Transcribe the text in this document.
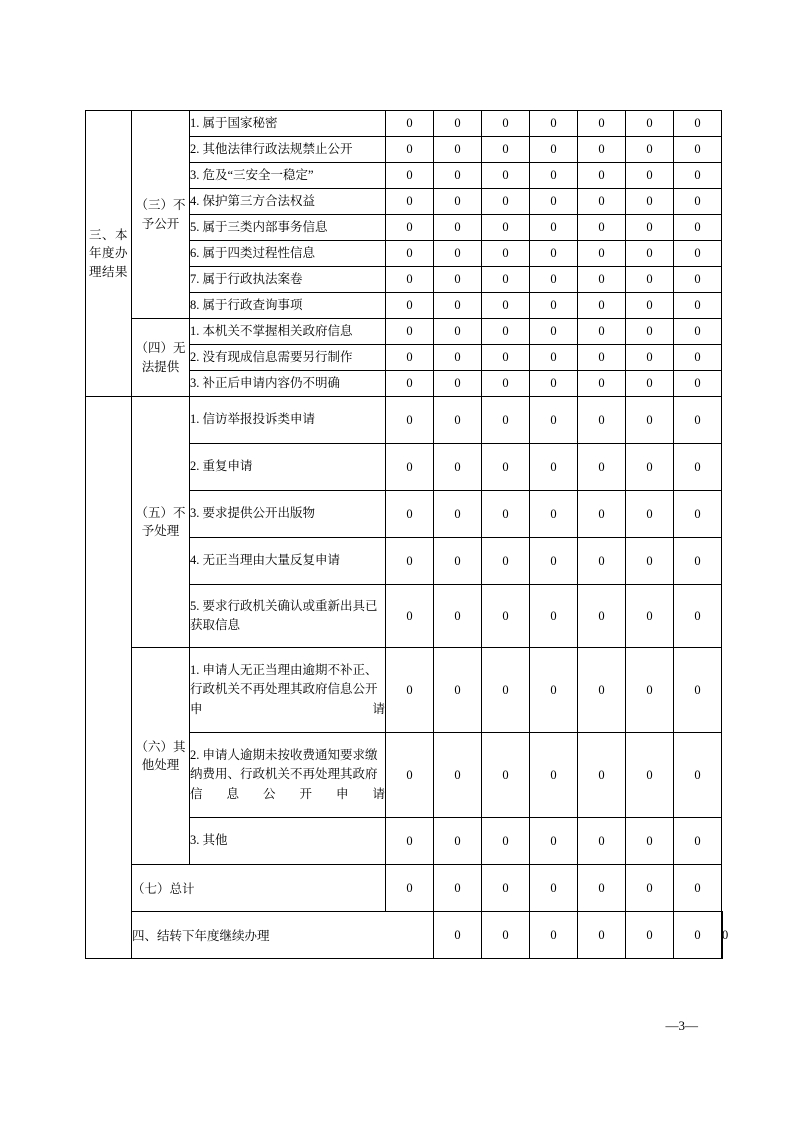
三、本年度办理结果	（三）不予公开	1. 属于国家秘密	0	0	0	0	0	0	0	
		2. 其他法律行政法规禁止公开	0	0	0	0	0	0	0	
		3. 危及“三安全一稳定”	0	0	0	0	0	0	0	
		4. 保护第三方合法权益	0	0	0	0	0	0	0	
		5. 属于三类内部事务信息	0	0	0	0	0	0	0	
		6. 属于四类过程性信息	0	0	0	0	0	0	0	
		7. 属于行政执法案卷	0	0	0	0	0	0	0	
		8. 属于行政查询事项	0	0	0	0	0	0	0	
	（四）无法提供	1. 本机关不掌握相关政府信息	0	0	0	0	0	0	0	
		2. 没有现成信息需要另行制作	0	0	0	0	0	0	0	
		3. 补正后申请内容仍不明确	0	0	0	0	0	0	0	
	（五）不予处理	1. 信访举报投诉类申请	0	0	0	0	0	0	0	
		2. 重复申请	0	0	0	0	0	0	0	
		3. 要求提供公开出版物	0	0	0	0	0	0	0	
		4. 无正当理由大量反复申请	0	0	0	0	0	0	0	
		5. 要求行政机关确认或重新出具已获取信息	0	0	0	0	0	0	0	
	（六）其他处理	1. 申请人无正当理由逾期不补正、行政机关不再处理其政府信息公开申请	0	0	0	0	0	0	0	
		2. 申请人逾期未按收费通知要求缴纳费用、行政机关不再处理其政府信息公开申请	0	0	0	0	0	0	0	
		3. 其他	0	0	0	0	0	0	0	
	（七）总计		0	0	0	0	0	0	0	
	四、结转下年度继续办理			0	0	0	0	0	0	0
—3—
